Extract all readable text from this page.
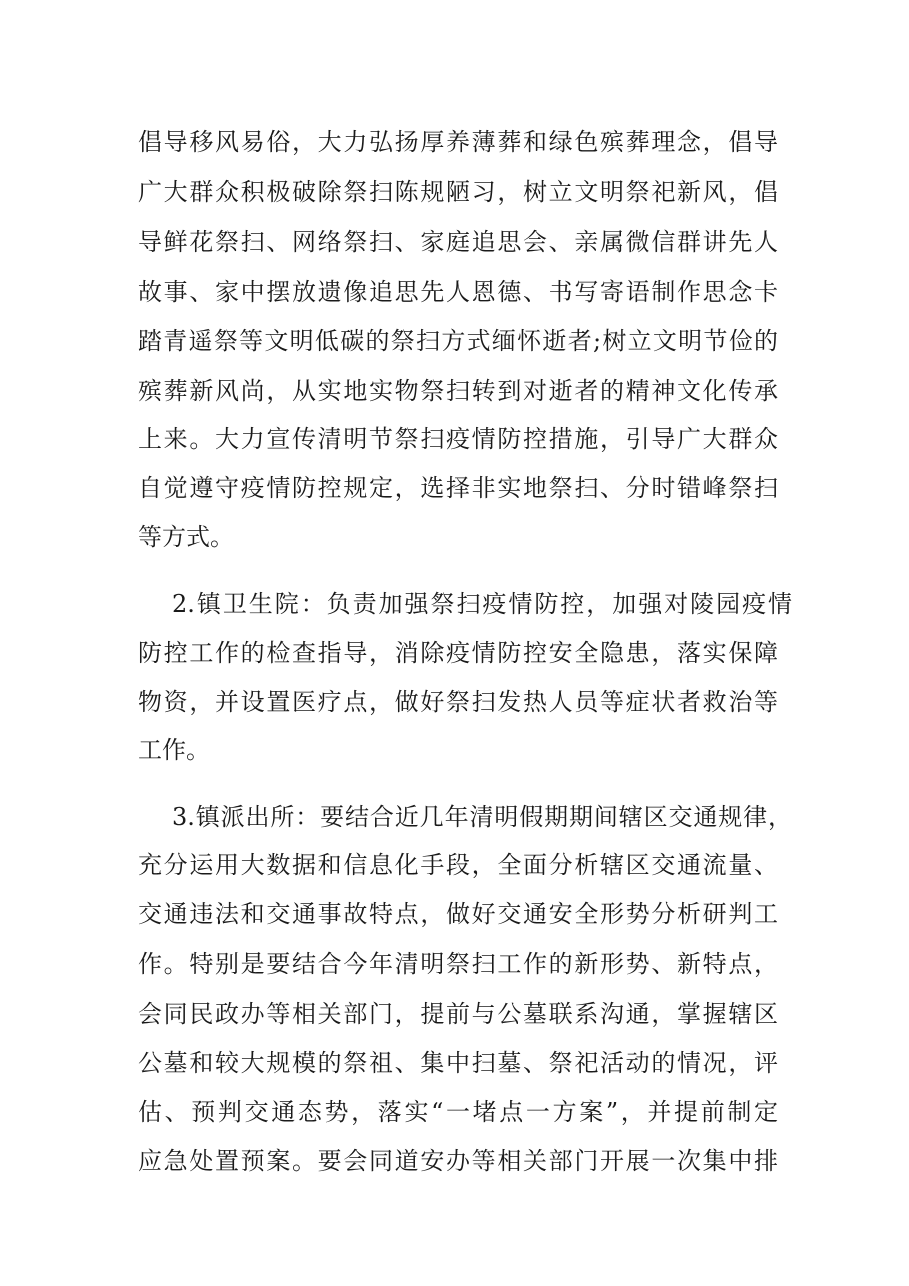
倡导移风易俗，大力弘扬厚养薄葬和绿色殡葬理念，倡导
广大群众积极破除祭扫陈规陋习，树立文明祭祀新风，倡
导鲜花祭扫、网络祭扫、家庭追思会、亲属微信群讲先人
故事、家中摆放遗像追思先人恩德、书写寄语制作思念卡
踏青遥祭等文明低碳的祭扫方式缅怀逝者;树立文明节俭的
殡葬新风尚，从实地实物祭扫转到对逝者的精神文化传承
上来。大力宣传清明节祭扫疫情防控措施，引导广大群众
自觉遵守疫情防控规定，选择非实地祭扫、分时错峰祭扫
等方式。
2.镇卫生院：负责加强祭扫疫情防控，加强对陵园疫情
防控工作的检查指导，消除疫情防控安全隐患，落实保障
物资，并设置医疗点，做好祭扫发热人员等症状者救治等
工作。
3.镇派出所：要结合近几年清明假期期间辖区交通规律，
充分运用大数据和信息化手段，全面分析辖区交通流量、
交通违法和交通事故特点，做好交通安全形势分析研判工
作。特别是要结合今年清明祭扫工作的新形势、新特点，
会同民政办等相关部门，提前与公墓联系沟通，掌握辖区
公墓和较大规模的祭祖、集中扫墓、祭祀活动的情况，评
估、预判交通态势，落实“一堵点一方案”，并提前制定
应急处置预案。要会同道安办等相关部门开展一次集中排
